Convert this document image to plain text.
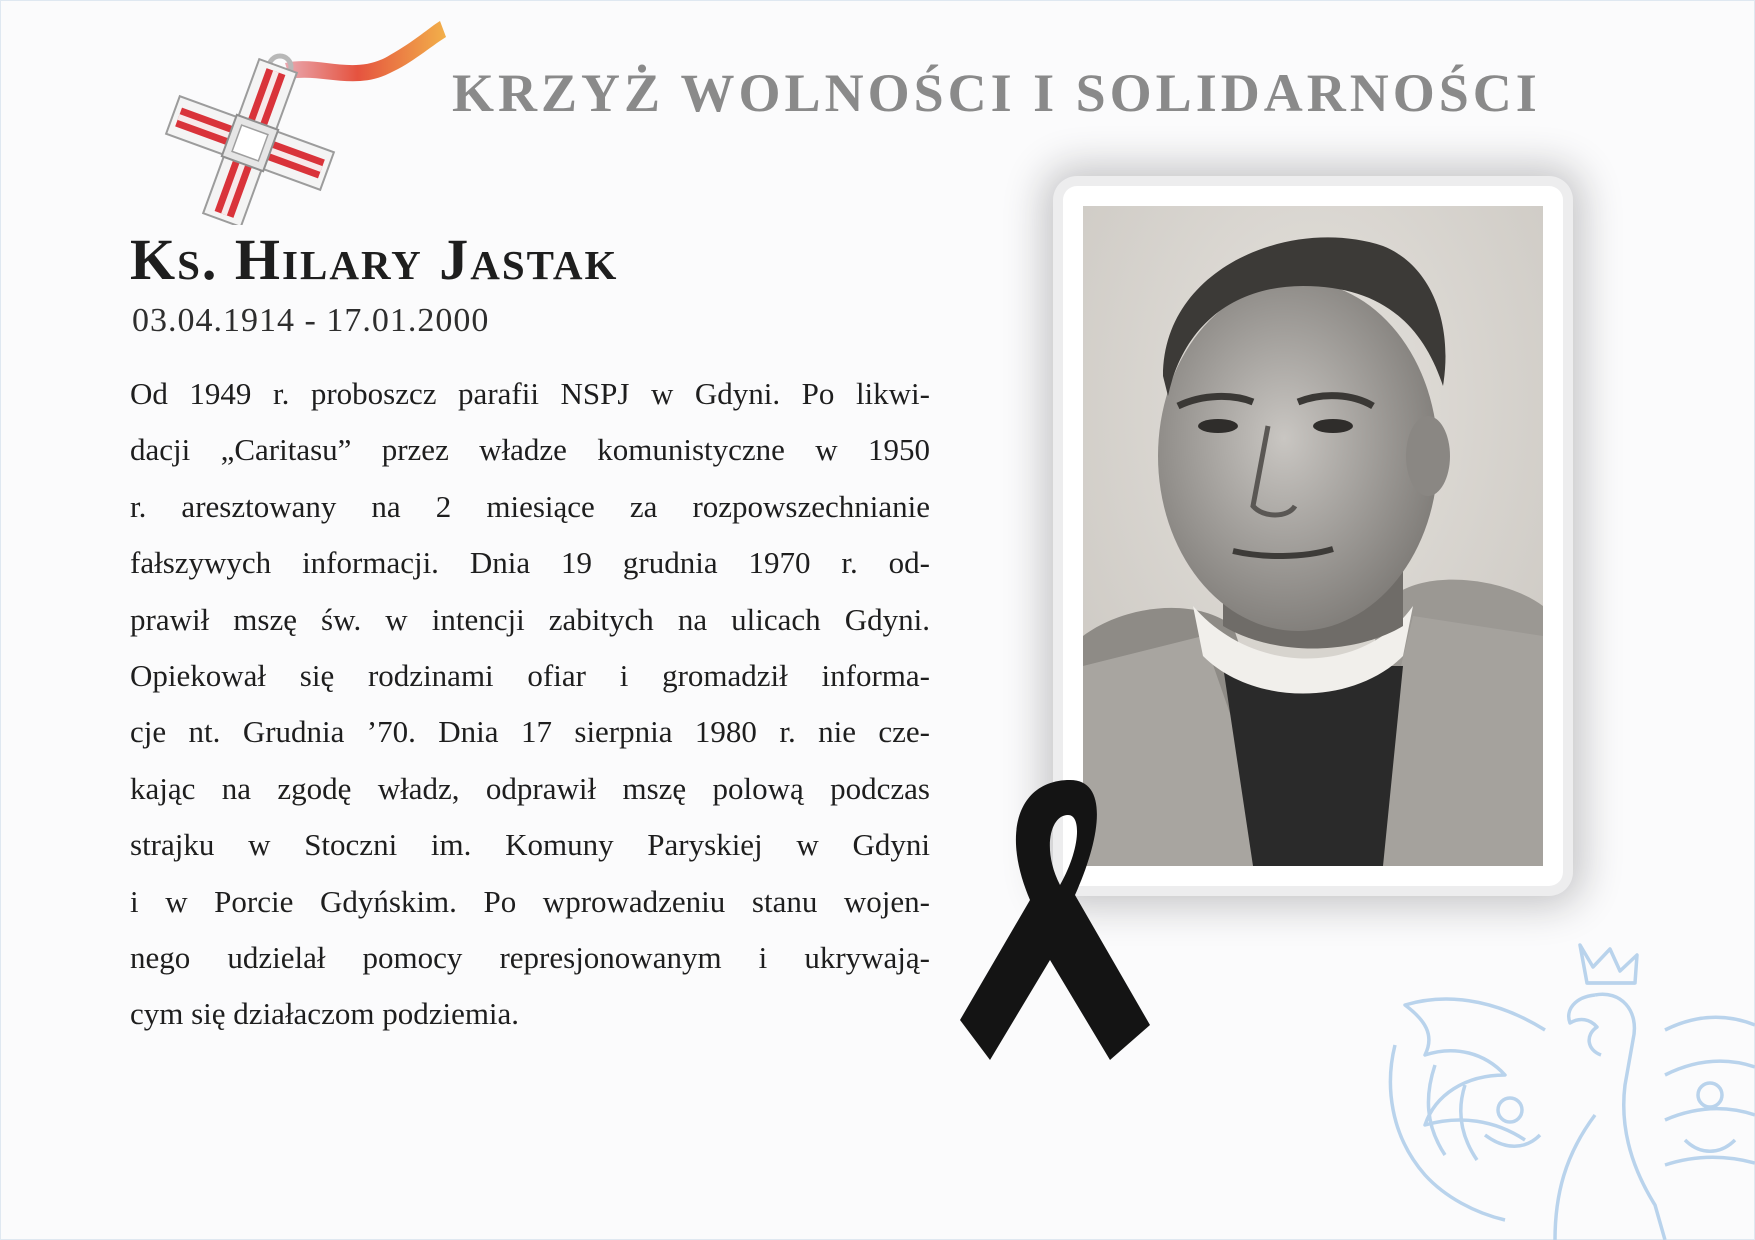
KRZYŻ WOLNOŚCI I SOLIDARNOŚCI
Ks. Hilary Jastak
03.04.1914 - 17.01.2000
Od 1949 r. proboszcz parafii NSPJ w Gdyni. Po likwi-
dacji „Caritasu” przez władze komunistyczne w 1950
r. aresztowany na 2 miesiące za rozpowszechnianie
fałszywych informacji. Dnia 19 grudnia 1970 r. od-
prawił mszę św. w intencji zabitych na ulicach Gdyni.
Opiekował się rodzinami ofiar i gromadził informa-
cje nt. Grudnia ’70. Dnia 17 sierpnia 1980 r. nie cze-
kając na zgodę władz, odprawił mszę polową podczas
strajku w Stoczni im. Komuny Paryskiej w Gdyni
i w Porcie Gdyńskim. Po wprowadzeniu stanu wojen-
nego udzielał pomocy represjonowanym i ukrywają-
cym się działaczom podziemia.
